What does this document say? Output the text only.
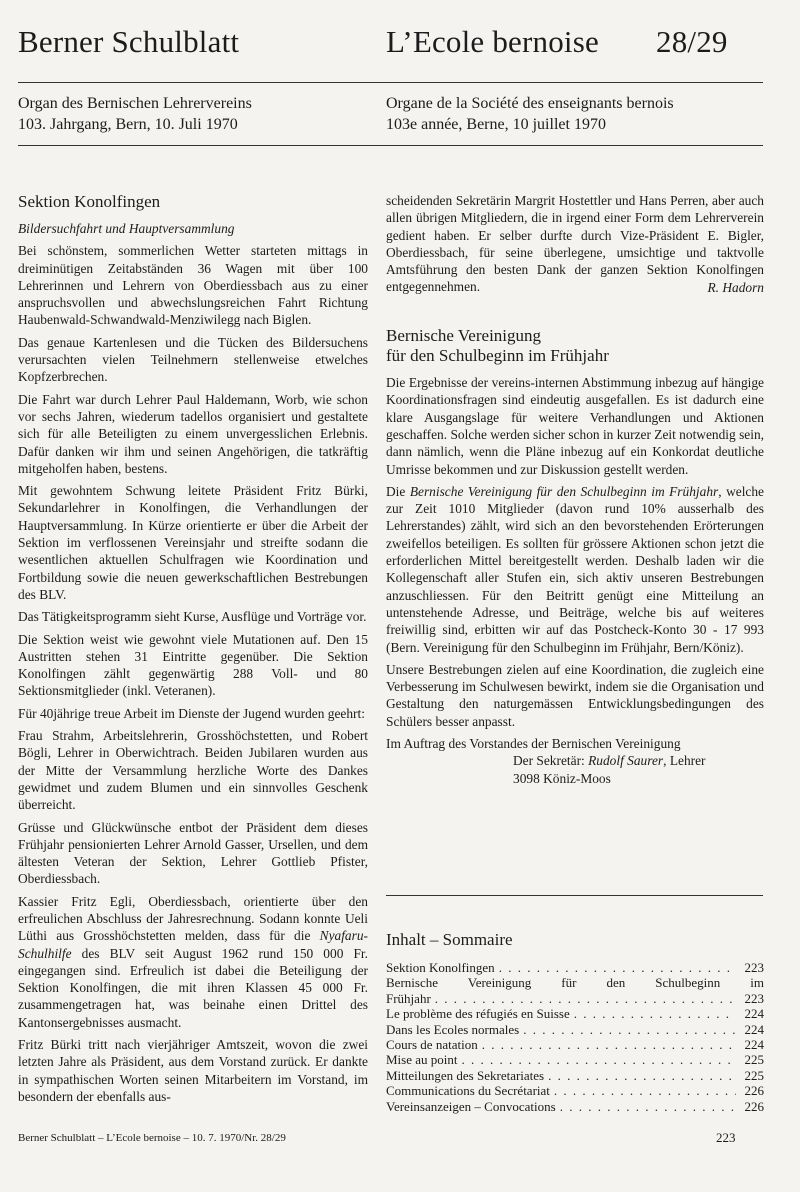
Berner Schulblatt	L’Ecole bernoise 28/29
Organ des Bernischen Lehrervereins
103. Jahrgang, Bern, 10. Juli 1970
Organe de la Société des enseignants bernois
103e année, Berne, 10 juillet 1970
Sektion Konolfingen

Bildersuchfahrt und Hauptversammlung

Bei schönstem, sommerlichen Wetter starteten mittags in dreiminütigen Zeitabständen 36 Wagen mit über 100 Lehrerinnen und Lehrern von Oberdiessbach aus zu einer anspruchsvollen und abwechslungsreichen Fahrt Richtung Haubenwald-Schwandwald-Menziwilegg nach Biglen.

Das genaue Kartenlesen und die Tücken des Bildersuchens verursachten vielen Teilnehmern stellenweise etwelches Kopfzerbrechen.

Die Fahrt war durch Lehrer Paul Haldemann, Worb, wie schon vor sechs Jahren, wiederum tadellos organisiert und gestaltete sich für alle Beteiligten zu einem unvergesslichen Erlebnis. Dafür danken wir ihm und seinen Angehörigen, die tatkräftig mitgeholfen haben, bestens.

Mit gewohntem Schwung leitete Präsident Fritz Bürki, Sekundarlehrer in Konolfingen, die Verhandlungen der Hauptversammlung. In Kürze orientierte er über die Arbeit der Sektion im verflossenen Vereinsjahr und streifte sodann die wesentlichen aktuellen Schulfragen wie Koordination und Fortbildung sowie die neuen gewerkschaftlichen Bestrebungen des BLV.

Das Tätigkeitsprogramm sieht Kurse, Ausflüge und Vorträge vor.

Die Sektion weist wie gewohnt viele Mutationen auf. Den 15 Austritten stehen 31 Eintritte gegenüber. Die Sektion Konolfingen zählt gegenwärtig 288 Voll- und 80 Sektionsmitglieder (inkl. Veteranen).

Für 40jährige treue Arbeit im Dienste der Jugend wurden geehrt:

Frau Strahm, Arbeitslehrerin, Grosshöchstetten, und Robert Bögli, Lehrer in Oberwichtrach. Beiden Jubilaren wurden aus der Mitte der Versammlung herzliche Worte des Dankes gewidmet und zudem Blumen und ein sinnvolles Geschenk überreicht.

Grüsse und Glückwünsche entbot der Präsident dem dieses Frühjahr pensionierten Lehrer Arnold Gasser, Ursellen, und dem ältesten Veteran der Sektion, Lehrer Gottlieb Pfister, Oberdiessbach.

Kassier Fritz Egli, Oberdiessbach, orientierte über den erfreulichen Abschluss der Jahresrechnung. Sodann konnte Ueli Lüthi aus Grosshöchstetten melden, dass für die Nyafaru-Schulhilfe des BLV seit August 1962 rund 150 000 Fr. eingegangen sind. Erfreulich ist dabei die Beteiligung der Sektion Konolfingen, die mit ihren Klassen 45 000 Fr. zusammengetragen hat, was beinahe einen Drittel des Kantonsergebnisses ausmacht.

Fritz Bürki tritt nach vierjähriger Amtszeit, wovon die zwei letzten Jahre als Präsident, aus dem Vorstand zurück. Er dankte in sympathischen Worten seinen Mitarbeitern im Vorstand, im besondern der ebenfalls aus-

scheidenden Sekretärin Margrit Hostettler und Hans Perren, aber auch allen übrigen Mitgliedern, die in irgend einer Form dem Lehrerverein gedient haben. Er selber durfte durch Vize-Präsident E. Bigler, Oberdiessbach, für seine überlegene, umsichtige und taktvolle Amtsführung den besten Dank der ganzen Sektion Konolfingen entgegennehmen.	R. Hadorn

Bernische Vereinigung
für den Schulbeginn im Frühjahr

Die Ergebnisse der vereins-internen Abstimmung inbezug auf hängige Koordinationsfragen sind eindeutig ausgefallen. Es ist dadurch eine klare Ausgangslage für weitere Verhandlungen und Aktionen geschaffen. Solche werden sicher schon in kurzer Zeit notwendig sein, dann nämlich, wenn die Pläne inbezug auf ein Konkordat deutliche Umrisse bekommen und zur Diskussion gestellt werden.

Die Bernische Vereinigung für den Schulbeginn im Frühjahr, welche zur Zeit 1010 Mitglieder (davon rund 10% ausserhalb des Lehrerstandes) zählt, wird sich an den bevorstehenden Erörterungen zweifellos beteiligen. Es sollten für grössere Aktionen schon jetzt die erforderlichen Mittel bereitgestellt werden. Deshalb laden wir die Kollegenschaft aller Stufen ein, sich aktiv unseren Bestrebungen anzuschliessen. Für den Beitritt genügt eine Mitteilung an untenstehende Adresse, und Beiträge, welche bis auf weiteres freiwillig sind, erbitten wir auf das Postcheck-Konto 30 - 17 993 (Bern. Vereinigung für den Schulbeginn im Frühjahr, Bern/Köniz).

Unsere Bestrebungen zielen auf eine Koordination, die zugleich eine Verbesserung im Schulwesen bewirkt, indem sie die Organisation und Gestaltung den naturgemässen Entwicklungsbedingungen des Schülers besser anpasst.

Im Auftrag des Vorstandes der Bernischen Vereinigung

Der Sekretär: Rudolf Saurer, Lehrer
3098 Köniz-Moos
Inhalt – Sommaire
Sektion Konolfingen . . .	223
Bernische Vereinigung für den Schulbeginn im
Frühjahr . . .	223
Le problème des réfugiés en Suisse . . .	224
Dans les Ecoles normales . . .	224
Cours de natation . . .	224
Mise au point . . .	225
Mitteilungen des Sekretariates . . .	225
Communications du Secrétariat . . .	226
Vereinsanzeigen – Convocations . . .	226
Berner Schulblatt – L’Ecole bernoise – 10. 7. 1970/Nr. 28/29	223
